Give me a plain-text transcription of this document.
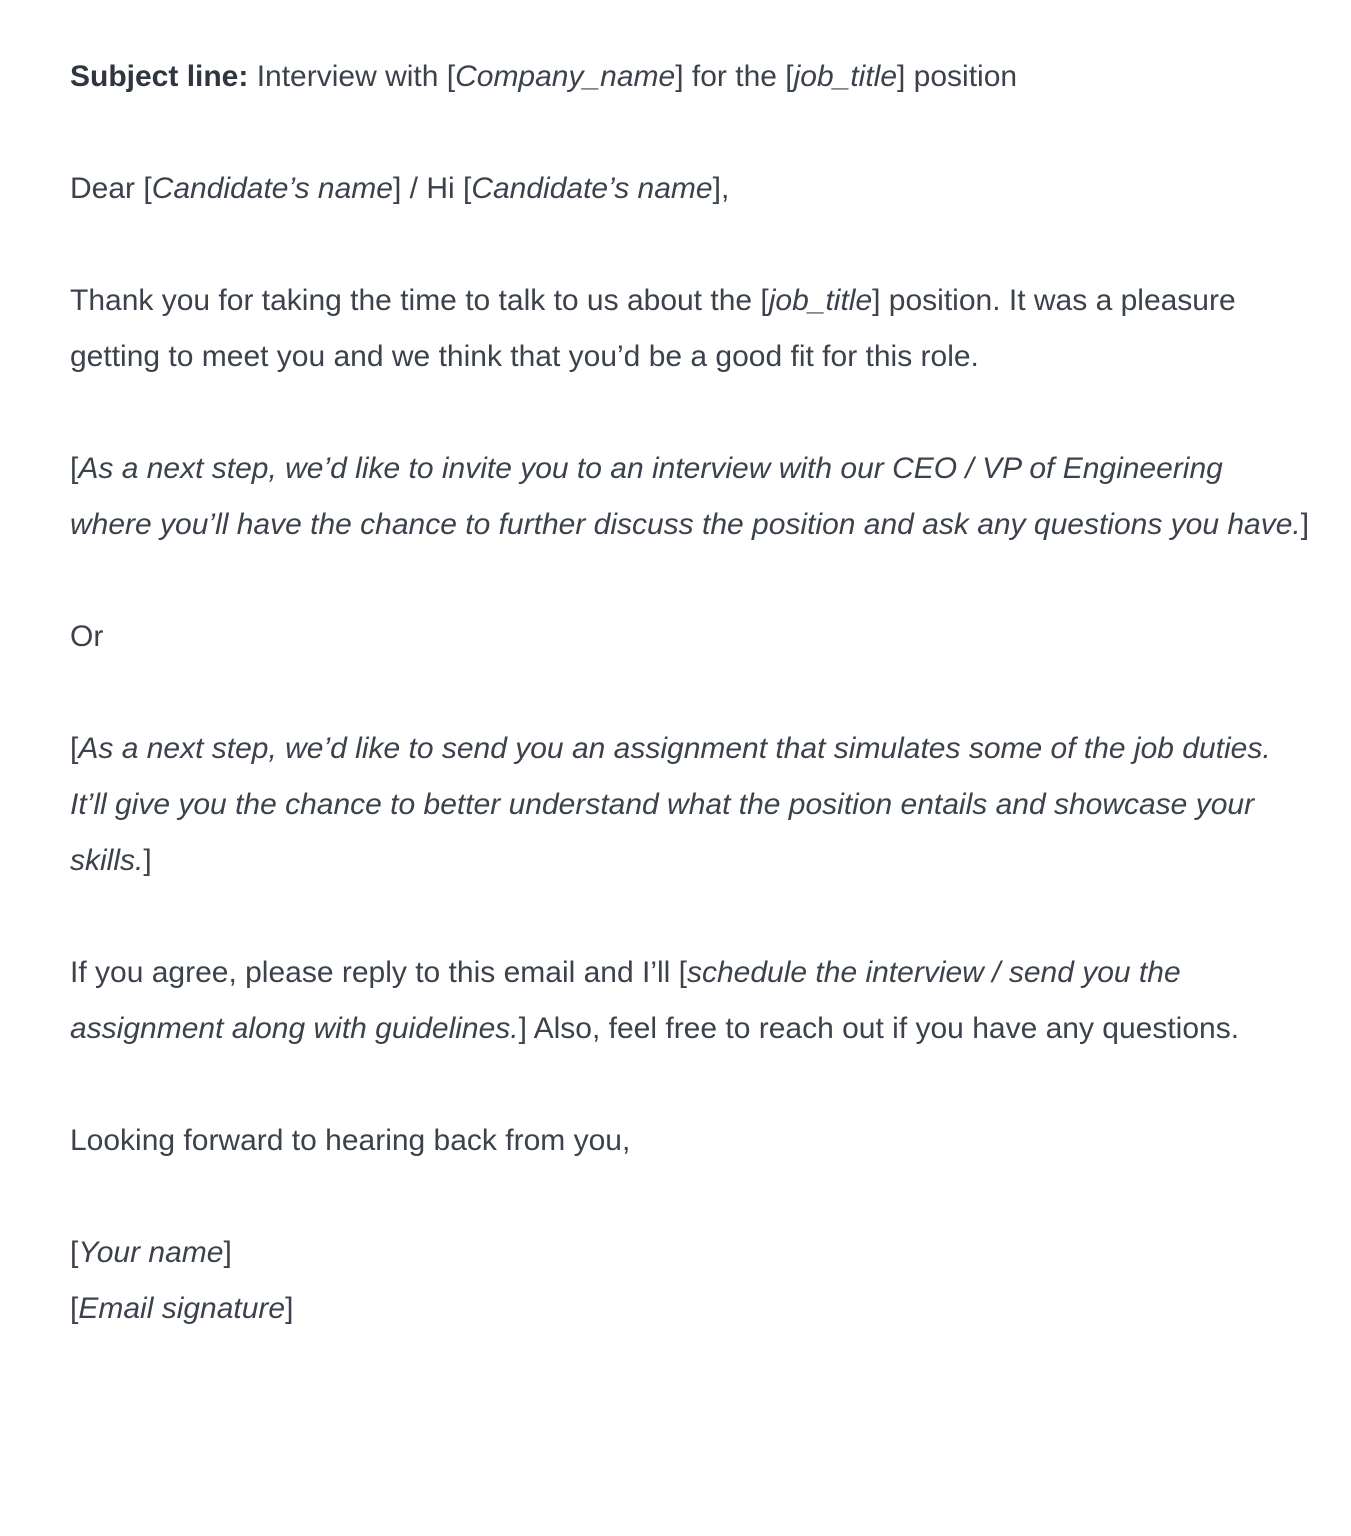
Subject line: Interview with [Company_name] for the [job_title] position

Dear [Candidate’s name] / Hi [Candidate’s name],

Thank you for taking the time to talk to us about the [job_title] position. It was a pleasure getting to meet you and we think that you’d be a good fit for this role.

[As a next step, we’d like to invite you to an interview with our CEO / VP of Engineering where you’ll have the chance to further discuss the position and ask any questions you have.]

Or

[As a next step, we’d like to send you an assignment that simulates some of the job duties. It’ll give you the chance to better understand what the position entails and showcase your skills.]

If you agree, please reply to this email and I’ll [schedule the interview / send you the assignment along with guidelines.] Also, feel free to reach out if you have any questions.

Looking forward to hearing back from you,

[Your name]

[Email signature]
